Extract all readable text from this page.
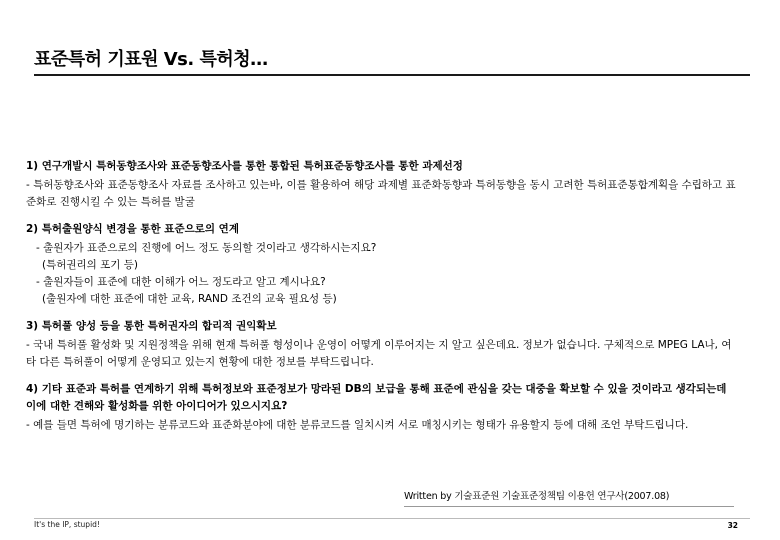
표준특허 기표원 Vs. 특허청…
1) 연구개발시 특허동향조사와 표준동향조사를 통한 통합된 특허표준동향조사를 통한 과제선정
- 특허동향조사와 표준동향조사 자료를 조사하고 있는바, 이를 활용하여 해당 과제별 표준화동향과 특허동향을 동시 고려한 특허표준통합계획을 수립하고 표준화로 진행시킬 수 있는 특허를 발굴
2) 특허출원양식 변경을 통한 표준으로의 연계
- 출원자가 표준으로의 진행에 어느 정도 동의할 것이라고 생각하시는지요?
(특허권리의 포기 등)
- 출원자들이 표준에 대한 이해가 어느 정도라고 알고 계시나요?
(출원자에 대한 표준에 대한 교육, RAND 조건의 교육 필요성 등)
3) 특허풀 양성 등을 통한 특허권자의 합리적 권익확보
- 국내 특허풀 활성화 및 지원정책을 위해 현재 특허풀 형성이나 운영이 어떻게 이루어지는 지 알고 싶은데요. 정보가 없습니다. 구체적으로 MPEG LA나, 여타 다른 특허풀이 어떻게 운영되고 있는지 현황에 대한 정보를 부탁드립니다.
4) 기타 표준과 특허를 연계하기 위해 특허정보와 표준정보가 망라된 DB의 보급을 통해 표준에 관심을 갖는 대중을 확보할 수 있을 것이라고 생각되는데 이에 대한 견해와 활성화를 위한 아이디어가 있으시지요?
- 예를 들면 특허에 명기하는 분류코드와 표준화분야에 대한 분류코드를 일치시켜 서로 매칭시키는 형태가 유용할지 등에 대해 조언 부탁드립니다.
Written by 기술표준원 기술표준정책팀 이용헌 연구사(2007.08)
It's the IP, stupid!	32
